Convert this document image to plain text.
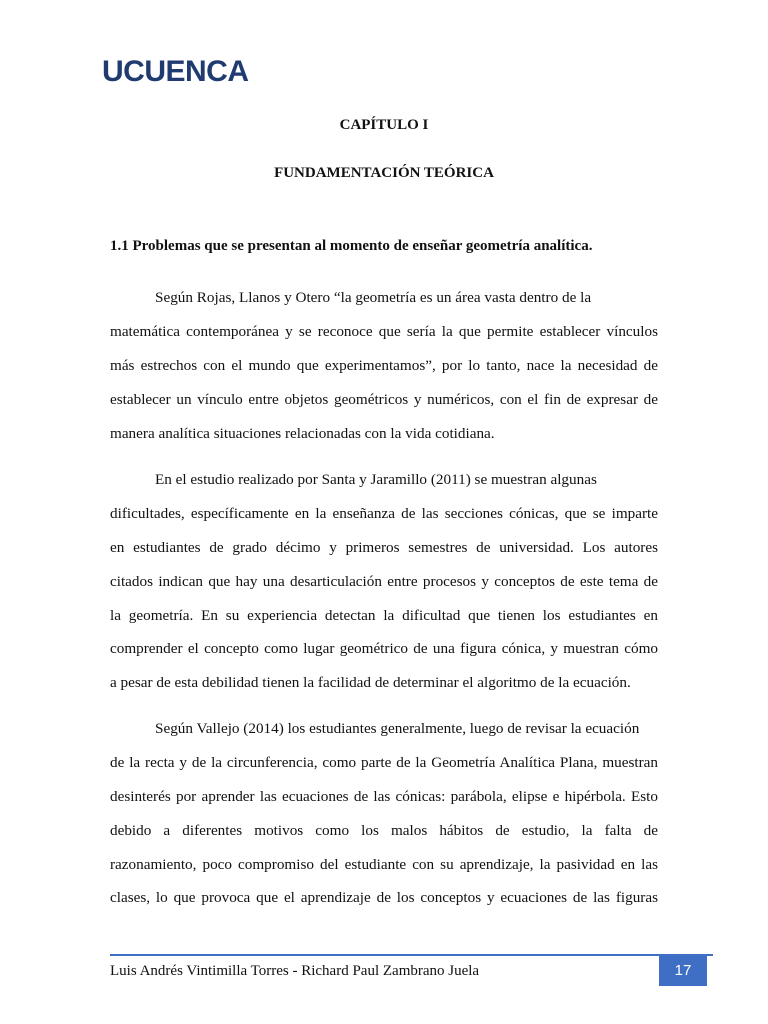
UCUENCA
CAPÍTULO I
FUNDAMENTACIÓN TEÓRICA
1.1 Problemas que se presentan al momento de enseñar geometría analítica.
Según Rojas, Llanos y Otero “la geometría es un área vasta dentro de la
matemática contemporánea y se reconoce que sería la que permite establecer vínculos
más estrechos con el mundo que experimentamos”, por lo tanto, nace la necesidad de
establecer un vínculo entre objetos geométricos y numéricos, con el fin de expresar de
manera analítica situaciones relacionadas con la vida cotidiana.
En el estudio realizado por Santa y Jaramillo (2011) se muestran algunas
dificultades, específicamente en la enseñanza de las secciones cónicas, que se imparte
en estudiantes de grado décimo y primeros semestres de universidad. Los autores
citados indican que hay una desarticulación entre procesos y conceptos de este tema de
la geometría. En su experiencia detectan la dificultad que tienen los estudiantes en
comprender el concepto como lugar geométrico de una figura cónica, y muestran cómo
a pesar de esta debilidad tienen la facilidad de determinar el algoritmo de la ecuación.
Según Vallejo (2014) los estudiantes generalmente, luego de revisar la ecuación
de la recta y de la circunferencia, como parte de la Geometría Analítica Plana, muestran
desinterés por aprender las ecuaciones de las cónicas: parábola, elipse e hipérbola. Esto
debido a diferentes motivos como los malos hábitos de estudio, la falta de
razonamiento, poco compromiso del estudiante con su aprendizaje, la pasividad en las
clases, lo que provoca que el aprendizaje de los conceptos y ecuaciones de las figuras
Luis Andrés Vintimilla Torres - Richard Paul Zambrano Juela	17
